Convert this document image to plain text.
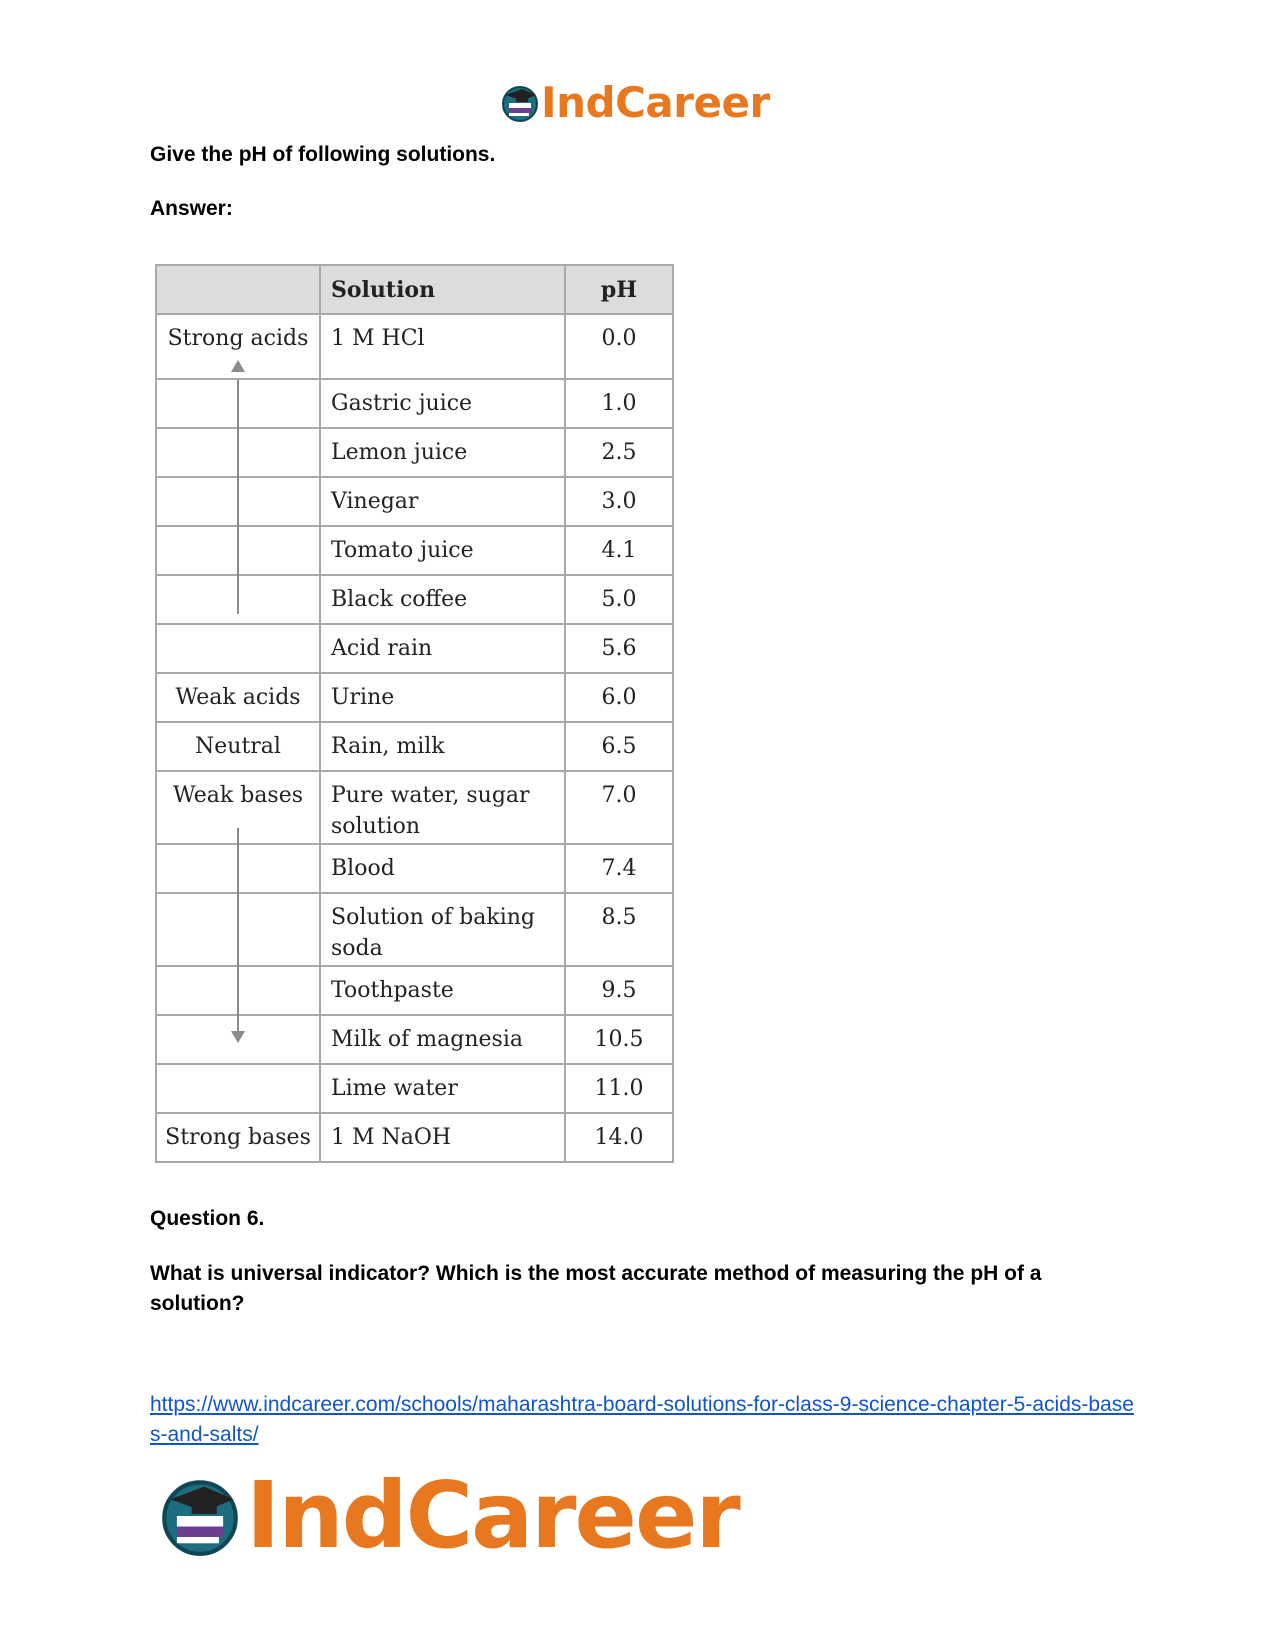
IndCareer
Give the pH of following solutions.
Answer:
	Solution	pH

Strong acids	1 M HCl	0.0

	Gastric juice	1.0

	Lemon juice	2.5

	Vinegar	3.0

	Tomato juice	4.1

	Black coffee	5.0

	Acid rain	5.6

Weak acids	Urine	6.0

Neutral	Rain, milk	6.5

Weak bases	Pure water, sugar solution	7.0

	Blood	7.4

	Solution of baking soda	8.5

	Toothpaste	9.5

	Milk of magnesia	10.5

	Lime water	11.0

Strong bases	1 M NaOH	14.0
Question 6.
What is universal indicator? Which is the most accurate method of measuring the pH of a solution?
https://www.indcareer.com/schools/maharashtra-board-solutions-for-class-9-science-chapter-5-acids-bases-and-salts/
IndCareer
